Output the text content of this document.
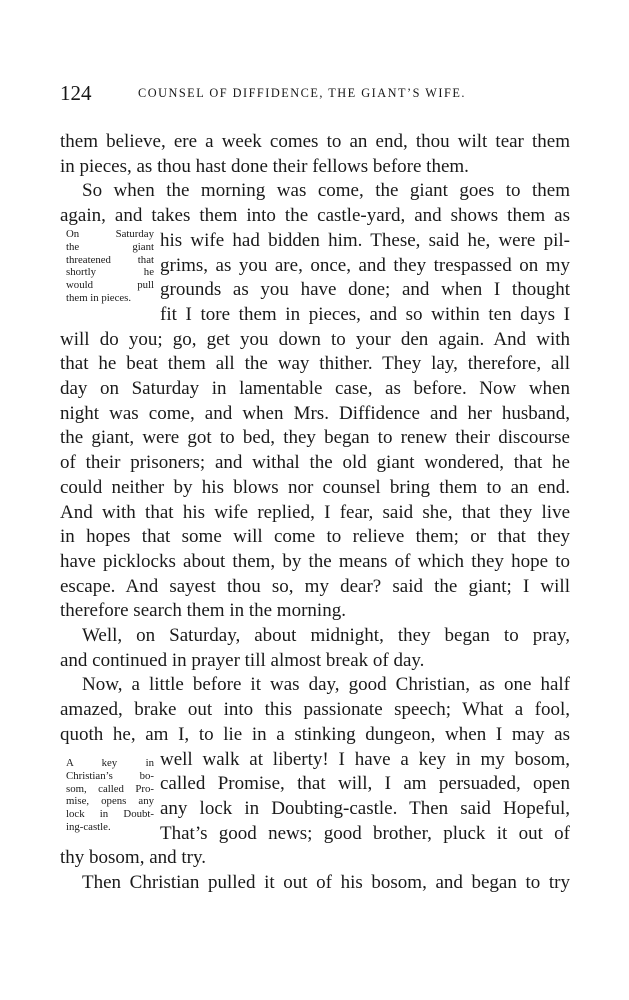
124	COUNSEL OF DIFFIDENCE, THE GIANT’S WIFE.
them believe, ere a week comes to an end, thou wilt tear them
in pieces, as thou hast done their fellows before them.
So when the morning was come, the giant goes to them
again, and takes them into the castle-yard, and shows them as
his wife had bidden him. These, said he, were pil-
grims, as you are, once, and they trespassed on my
grounds as you have done; and when I thought
fit I tore them in pieces, and so within ten days I
will do you; go, get you down to your den again. And with
that he beat them all the way thither. They lay, therefore, all
day on Saturday in lamentable case, as before. Now when
night was come, and when Mrs. Diffidence and her husband,
the giant, were got to bed, they began to renew their discourse
of their prisoners; and withal the old giant wondered, that he
could neither by his blows nor counsel bring them to an end.
And with that his wife replied, I fear, said she, that they live
in hopes that some will come to relieve them; or that they
have picklocks about them, by the means of which they hope to
escape. And sayest thou so, my dear? said the giant; I will
therefore search them in the morning.
Well, on Saturday, about midnight, they began to pray,
and continued in prayer till almost break of day.
Now, a little before it was day, good Christian, as one half
amazed, brake out into this passionate speech; What a fool,
quoth he, am I, to lie in a stinking dungeon, when I may as
well walk at liberty! I have a key in my bosom,
called Promise, that will, I am persuaded, open
any lock in Doubting-castle. Then said Hopeful,
That’s good news; good brother, pluck it out of
thy bosom, and try.
Then Christian pulled it out of his bosom, and began to try
On Saturday
the giant
threatened that
shortly he
would pull
them in pieces.
A key in
Christian’s bo-
som, called Pro-
mise, opens any
lock in Doubt-
ing-castle.
